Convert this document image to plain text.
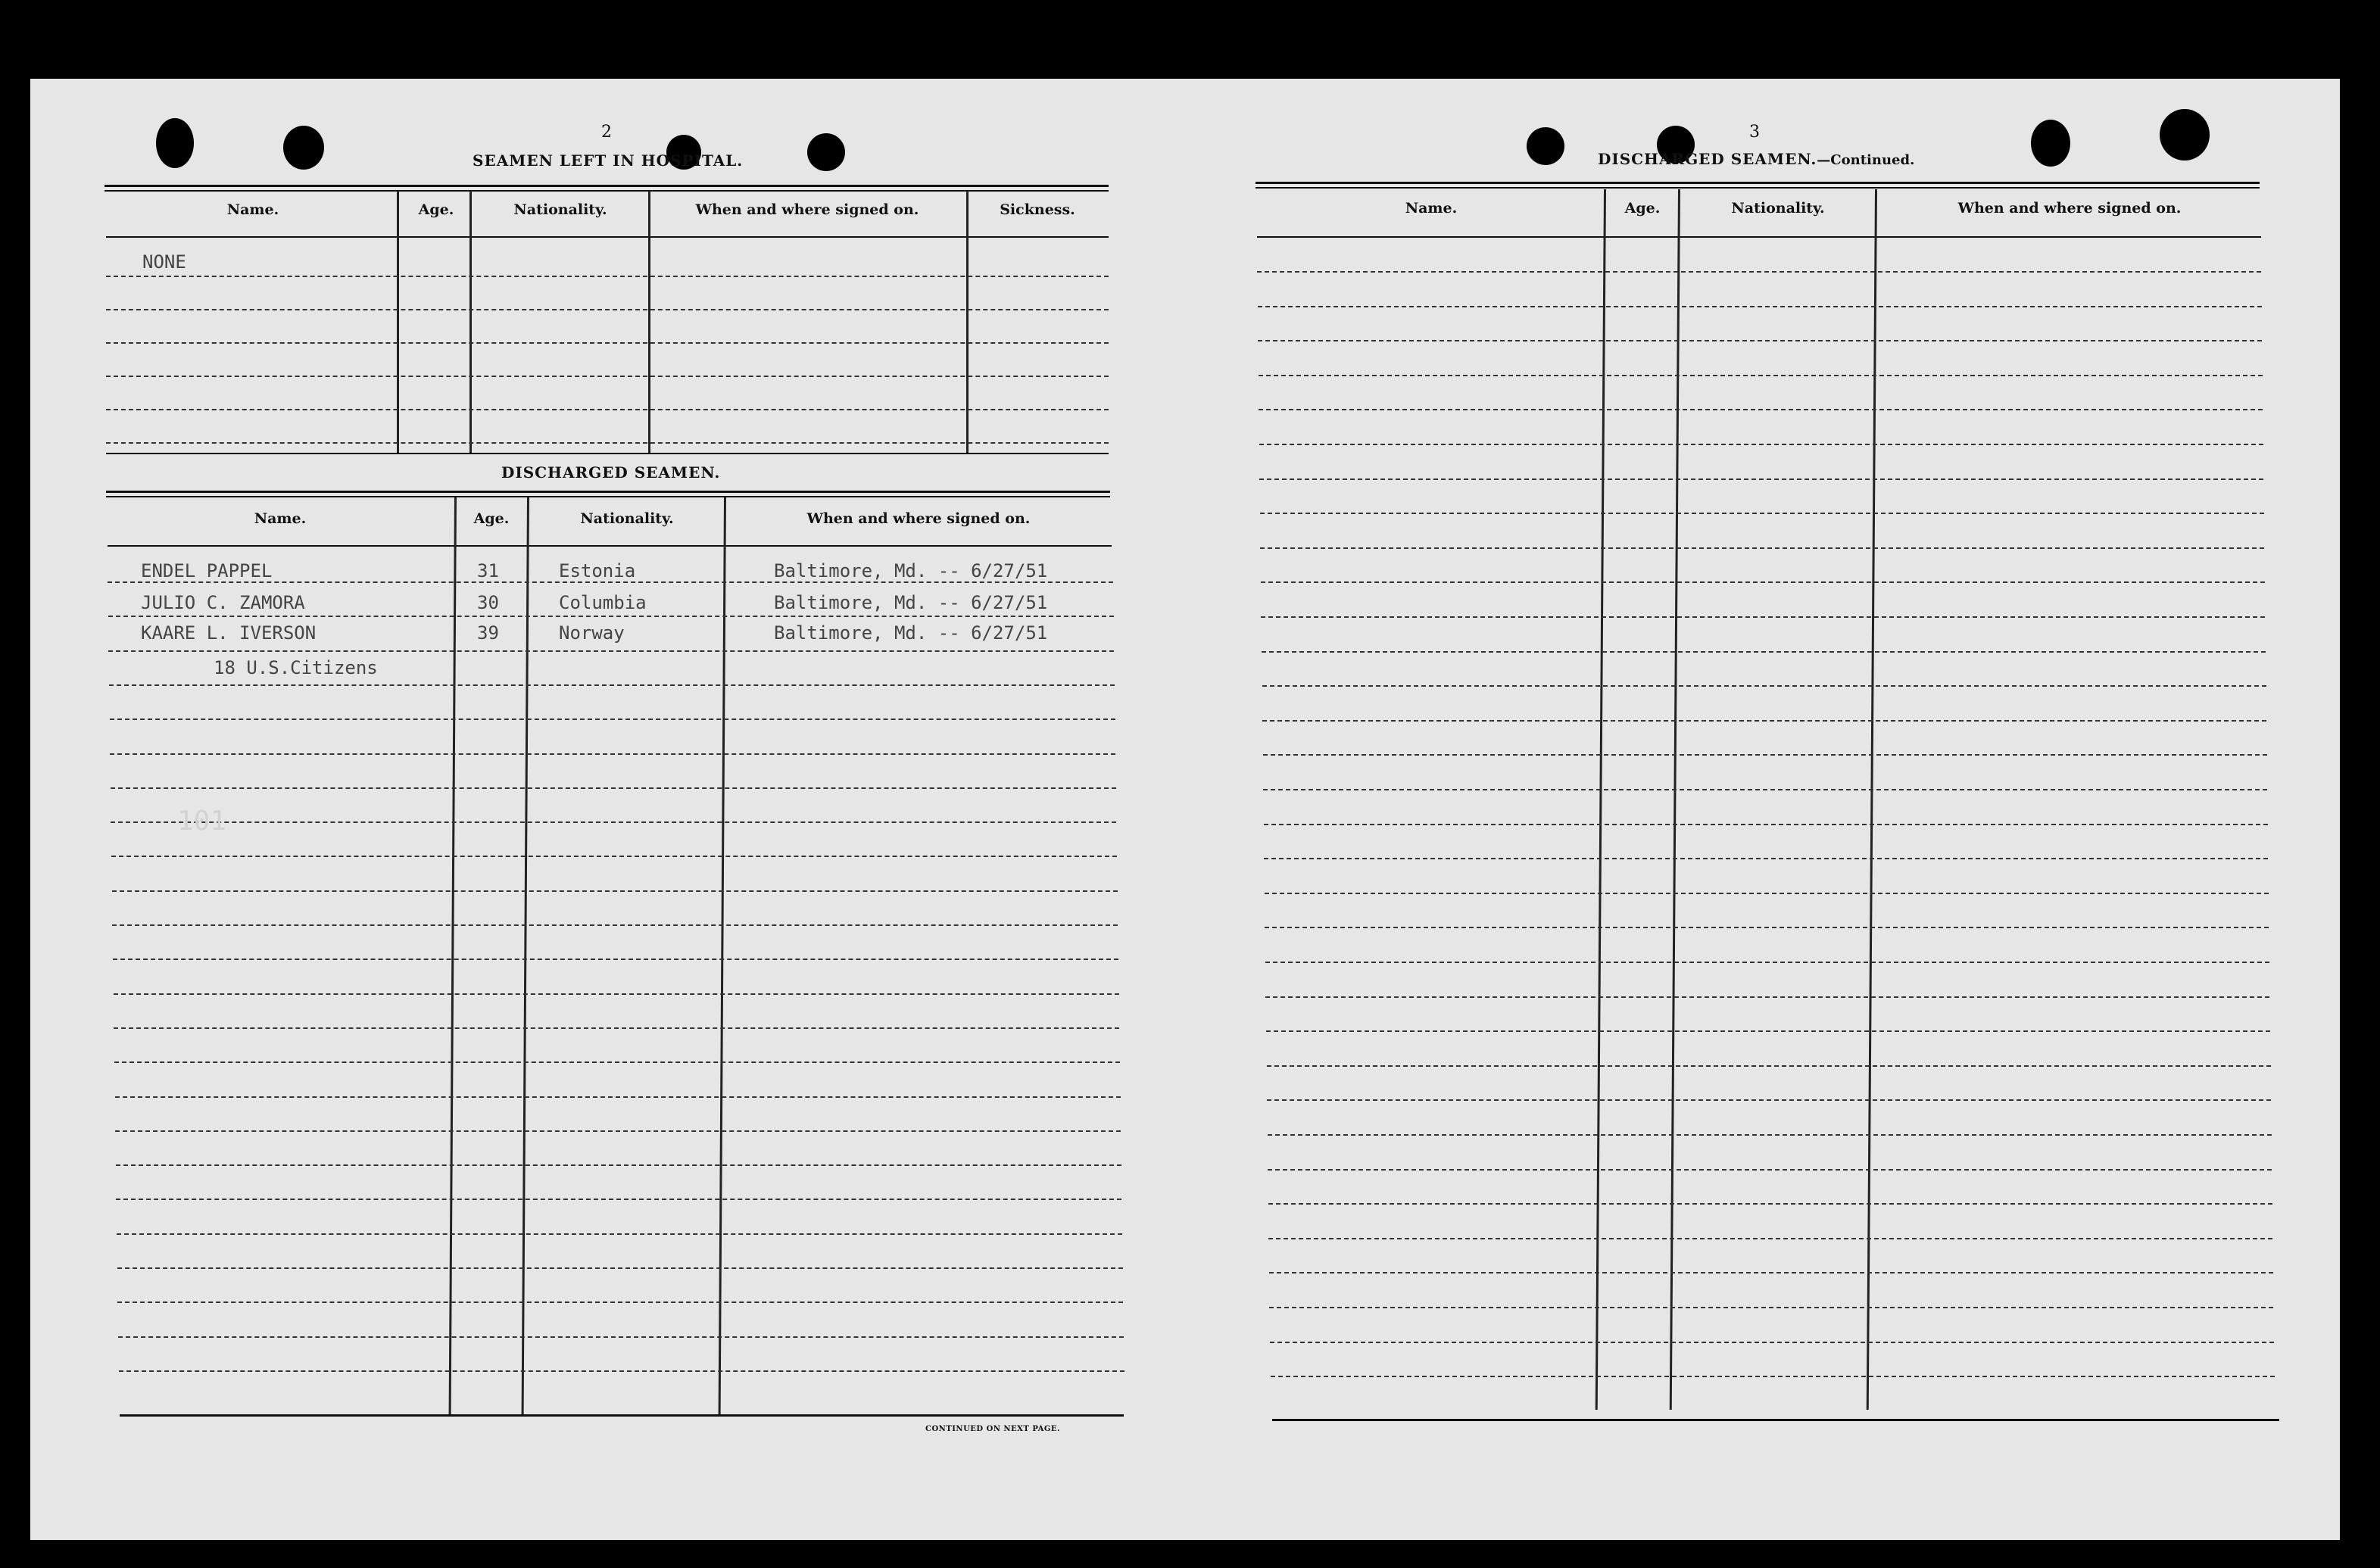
2
SEAMEN LEFT IN HOSPITAL.
Name.	Age.	Nationality.	When and where signed on.	Sickness.
NONE
DISCHARGED SEAMEN.
Name.	Age.	Nationality.	When and where signed on.
ENDEL PAPPEL	31	Estonia	Baltimore, Md. -- 6/27/51
JULIO C. ZAMORA	30	Columbia	Baltimore, Md. -- 6/27/51
KAARE L. IVERSON	39	Norway	Baltimore, Md. -- 6/27/51
18 U.S.Citizens
101
CONTINUED ON NEXT PAGE.
3
DISCHARGED SEAMEN.—Continued.
Name.	Age.	Nationality.	When and where signed on.
